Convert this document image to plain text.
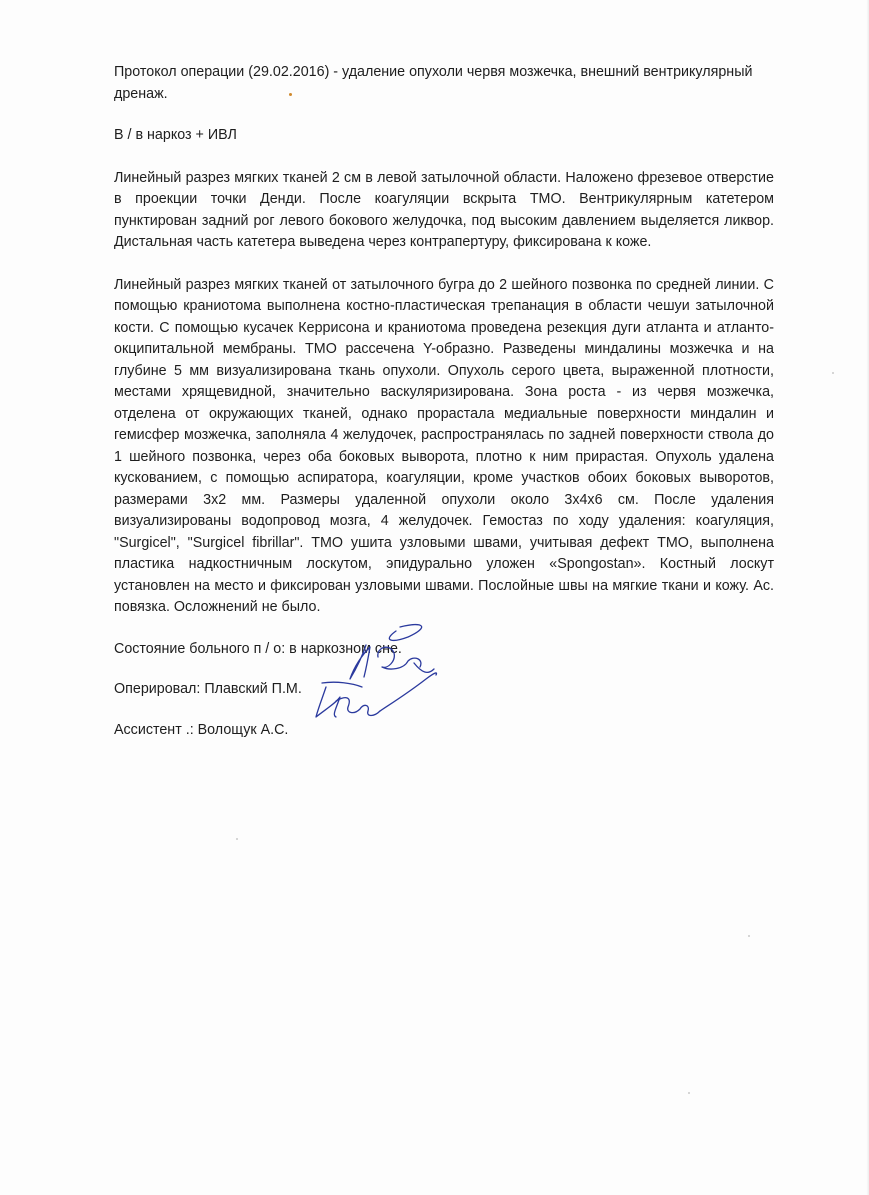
Протокол операции (29.02.2016) - удаление опухоли червя мозжечка, внешний вентрикулярный
дренаж.

В / в наркоз + ИВЛ

Линейный разрез мягких тканей 2 см в левой затылочной области. Наложено фрезевое отверстие
в проекции точки Денди. После коагуляции вскрыта ТМО. Вентрикулярным катетером
пунктирован задний рог левого бокового желудочка, под высоким давлением выделяется ликвор.
Дистальная часть катетера выведена через контрапертуру, фиксирована к коже.
Линейный разрез мягких тканей от затылочного бугра до 2 шейного позвонка по средней линии. С
помощью краниотома выполнена костно-пластическая трепанация в области чешуи затылочной
кости. С помощью кусачек Керрисона и краниотома проведена резекция дуги атланта и атланто-
окципитальной мембраны. ТМО рассечена Y-образно. Разведены миндалины мозжечка и на
глубине 5 мм визуализирована ткань опухоли. Опухоль серого цвета, выраженной плотности,
местами хрящевидной, значительно васкуляризирована. Зона роста - из червя мозжечка,
отделена от окружающих тканей, однако прорастала медиальные поверхности миндалин и
гемисфер мозжечка, заполняла 4 желудочек, распространялась по задней поверхности ствола до
1 шейного позвонка, через оба боковых выворота, плотно к ним прирастая. Опухоль удалена
кускованием, с помощью аспиратора, коагуляции, кроме участков обоих боковых выворотов,
размерами 3х2 мм. Размеры удаленной опухоли около 3х4х6 см. После удаления
визуализированы водопровод мозга, 4 желудочек. Гемостаз по ходу удаления: коагуляция,
"Surgicel", "Surgicel fibrillar". ТМО ушита узловыми швами, учитывая дефект ТМО, выполнена
пластика надкостничным лоскутом, эпидурально уложен «Spongostan». Костный лоскут
установлен на место и фиксирован узловыми швами. Послойные швы на мягкие ткани и кожу. Ас.
повязка. Осложнений не было.

Состояние больного п / о: в наркозном сне.

Оперировал: Плавский П.М.

Ассистент .: Волощук А.С.
